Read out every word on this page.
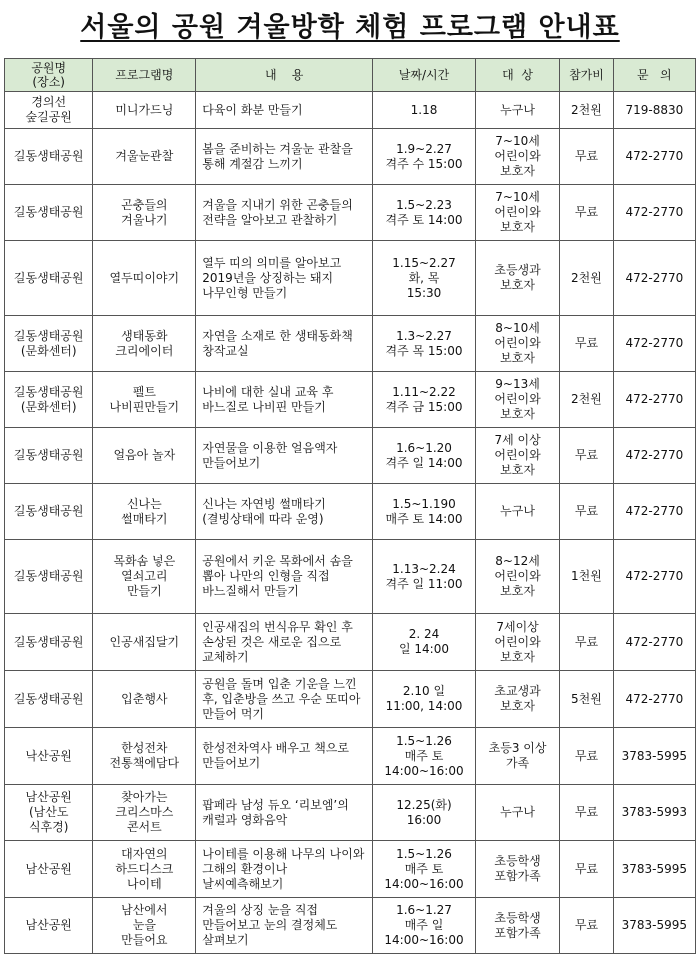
서울의 공원 겨울방학 체험 프로그램 안내표
공원명
(장소)	프로그램명	내    용	날짜/시간	대  상	참가비	문   의
경의선
숲길공원	미니가드닝	다육이 화분 만들기	1.18	누구나	2천원	719-8830
길동생태공원	겨울눈관찰	봄을 준비하는 겨울눈 관찰을 통해 계절감 느끼기	1.9~2.27
격주 수 15:00	7~10세
어린이와
보호자	무료	472-2770
길동생태공원	곤충들의
겨울나기	겨울을 지내기 위한 곤충들의 전략을 알아보고 관찰하기	1.5~2.23
격주 토 14:00	7~10세
어린이와
보호자	무료	472-2770
길동생태공원	열두띠이야기	열두 띠의 의미를 알아보고 2019년을 상징하는 돼지 나무인형 만들기	1.15~2.27
화, 목
15:30	초등생과
보호자	2천원	472-2770
길동생태공원
(문화센터)	생태동화
크리에이터	자연을 소재로 한 생태동화책 창작교실	1.3~2.27
격주 목 15:00	8~10세
어린이와
보호자	무료	472-2770
길동생태공원
(문화센터)	펠트
나비핀만들기	나비에 대한 실내 교육 후 바느질로 나비핀 만들기	1.11~2.22
격주 금 15:00	9~13세
어린이와
보호자	2천원	472-2770
길동생태공원	얼음아 놀자	자연물을 이용한 얼음액자 만들어보기	1.6~1.20
격주 일 14:00	7세 이상
어린이와
보호자	무료	472-2770
길동생태공원	신나는
썰매타기	신나는 자연빙 썰매타기
(결빙상태에 따라 운영)	1.5~1.190
매주 토 14:00	누구나	무료	472-2770
길동생태공원	목화솜 넣은
열쇠고리
만들기	공원에서 키운 목화에서 솜을 뽑아 나만의 인형을 직접 바느질해서 만들기	1.13~2.24
격주 일 11:00	8~12세
어린이와
보호자	1천원	472-2770
길동생태공원	인공새집달기	인공새집의 번식유무 확인 후 손상된 것은 새로운 집으로 교체하기	2. 24
일 14:00	7세이상
어린이와
보호자	무료	472-2770
길동생태공원	입춘행사	공원을 돌며 입춘 기운을 느낀 후, 입춘방을 쓰고 우순 또띠아 만들어 먹기	2.10 일
11:00, 14:00	초교생과
보호자	5천원	472-2770
낙산공원	한성전차
전통책에담다	한성전차역사 배우고 책으로 만들어보기	1.5~1.26
매주 토
14:00~16:00	초등3 이상
가족	무료	3783-5995
남산공원
(남산도
식후경)	찾아가는
크리스마스
콘서트	팝페라 남성 듀오 ‘리보엠’의 캐럴과 영화음악	12.25(화)
16:00	누구나	무료	3783-5993
남산공원	대자연의
하드디스크
나이테	나이테를 이용해 나무의 나이와 그해의 환경이나 날씨예측해보기	1.5~1.26
매주 토
14:00~16:00	초등학생
포함가족	무료	3783-5995
남산공원	남산에서
눈을
만들어요	겨울의 상징 눈을 직접 만들어보고 눈의 결정체도 살펴보기	1.6~1.27
매주 일
14:00~16:00	초등학생
포함가족	무료	3783-5995
